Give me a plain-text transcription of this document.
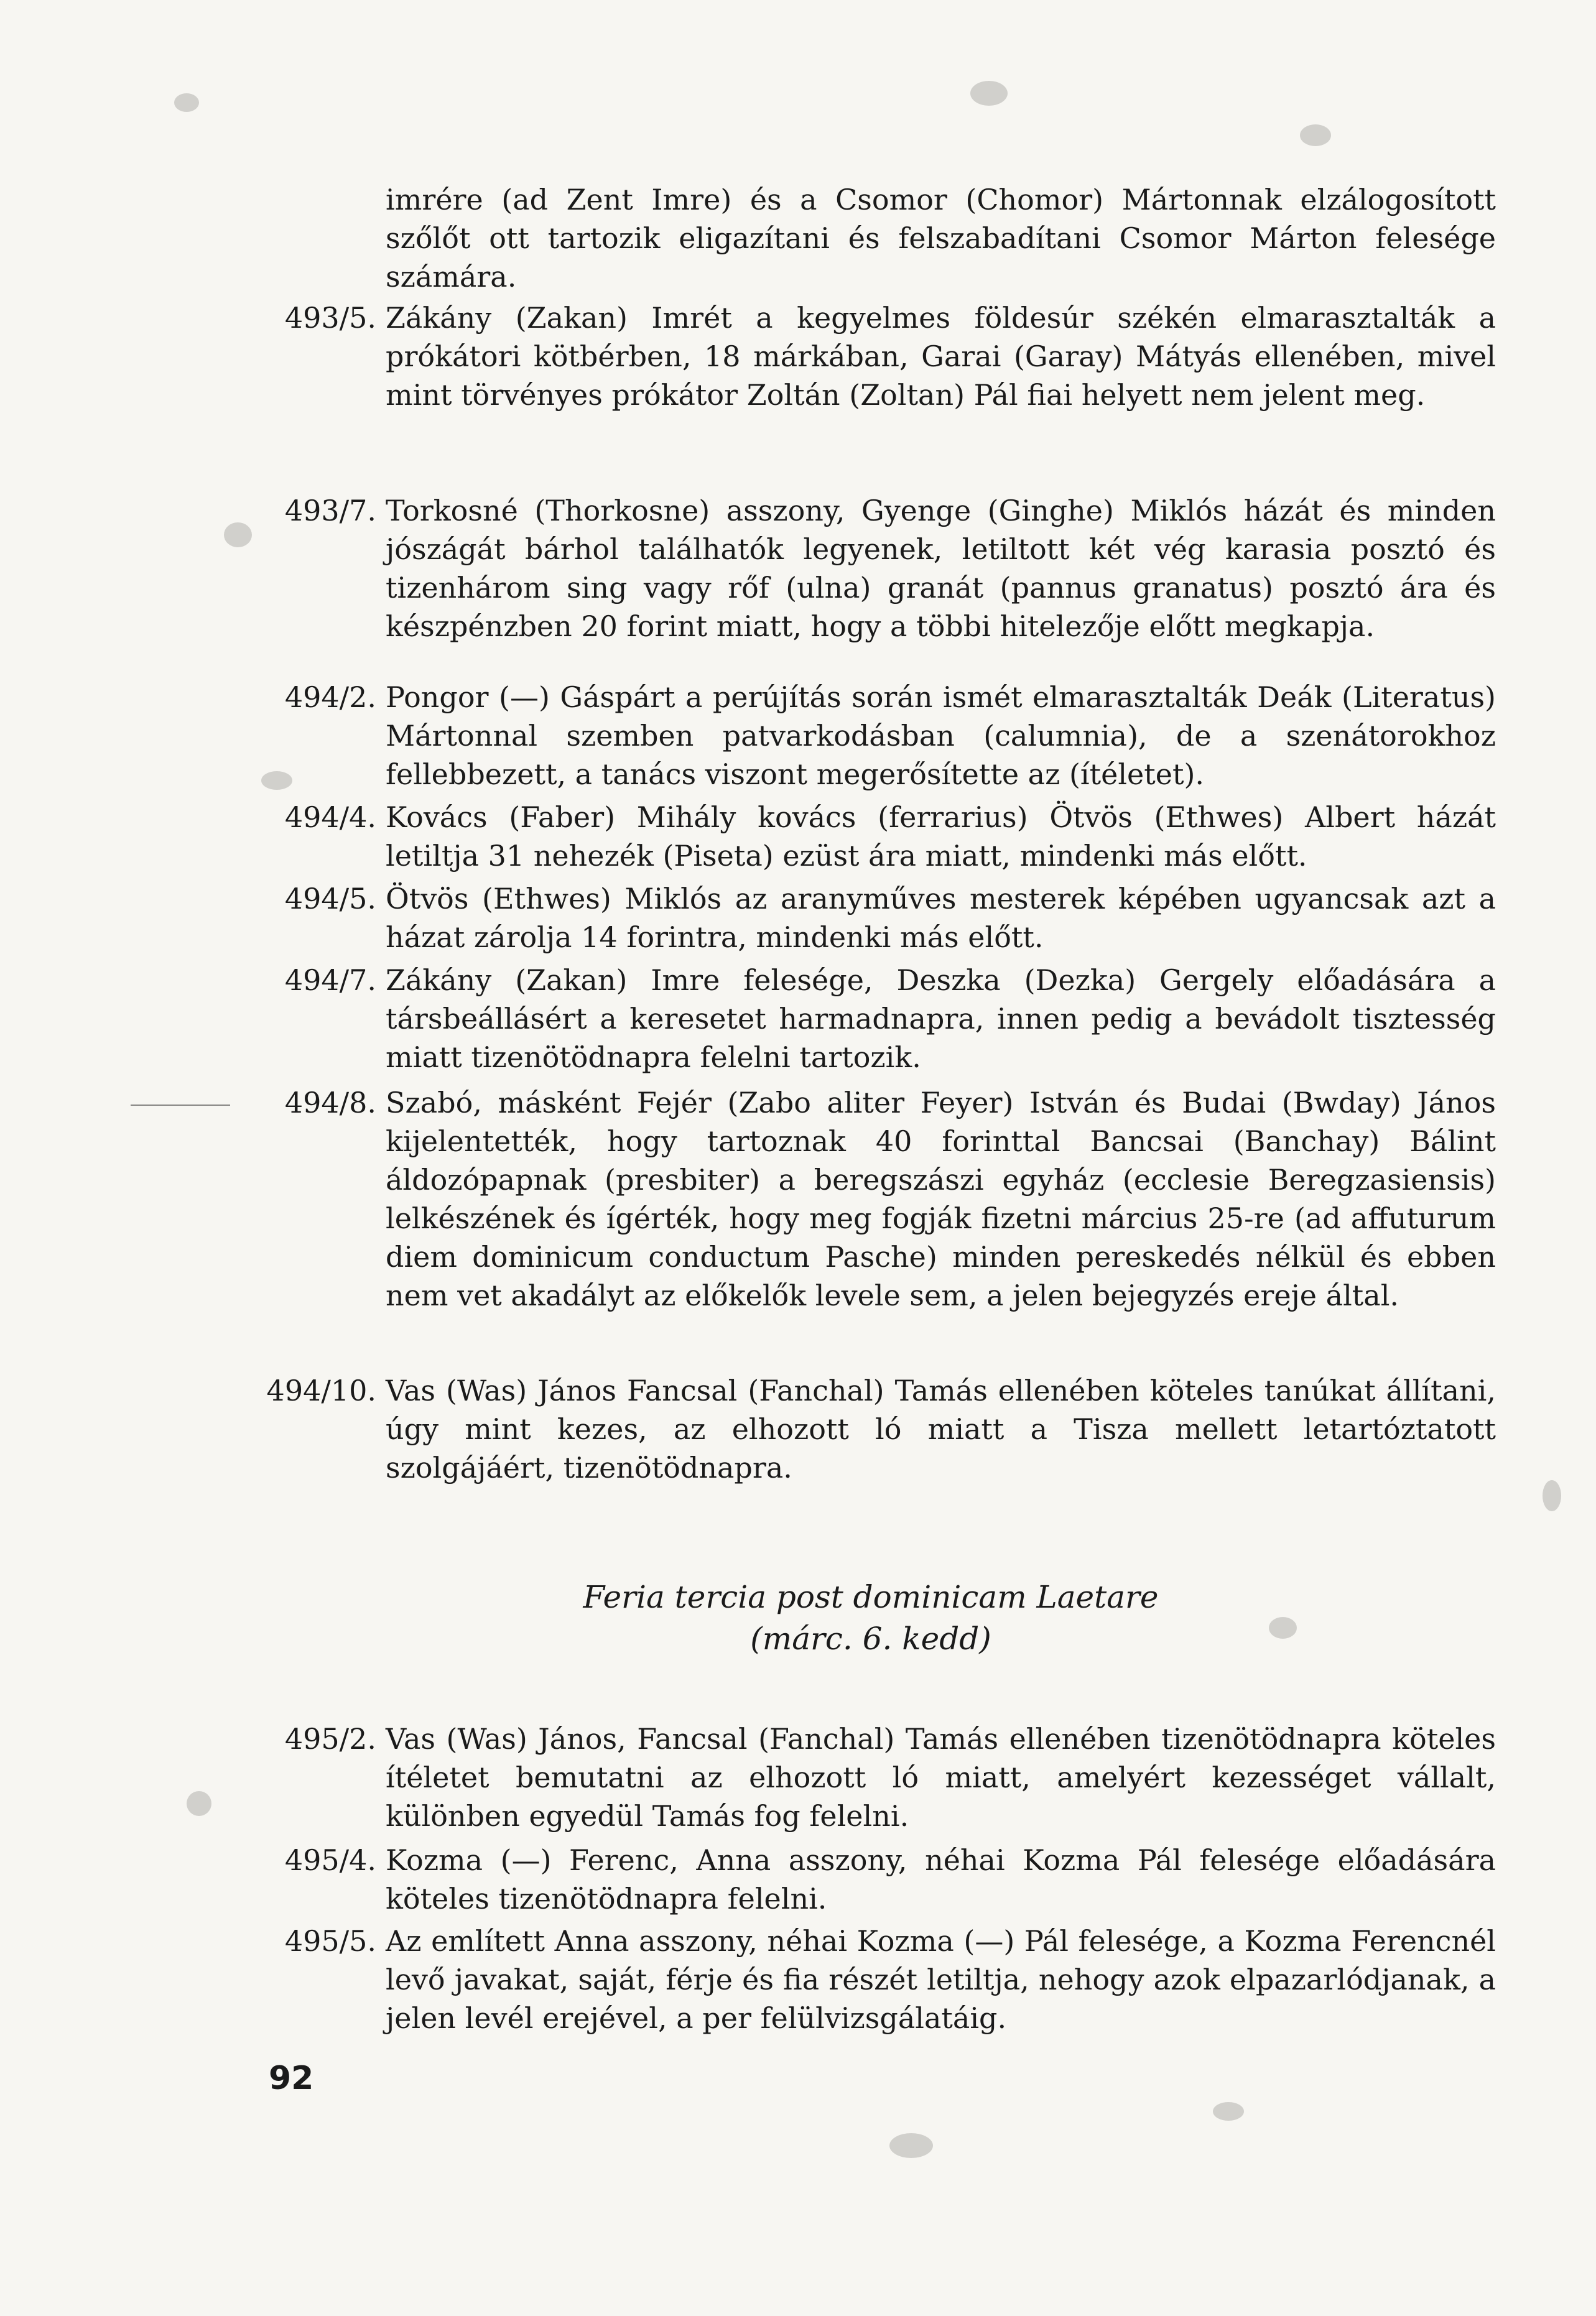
imrére (ad Zent Imre) és a Csomor (Chomor) Mártonnak elzálogosított szőlőt ott tartozik eligazítani és felszabadítani Csomor Márton felesége számára.
493/5. Zákány (Zakan) Imrét a kegyelmes földesúr székén elmarasztalták a prókátori kötbérben, 18 márkában, Garai (Garay) Mátyás ellenében, mivel mint törvényes prókátor Zoltán (Zoltan) Pál fiai helyett nem jelent meg.
493/7. Torkosné (Thorkosne) asszony, Gyenge (Ginghe) Miklós házát és minden jószágát bárhol találhatók legyenek, letiltott két vég karasia posztó és tizenhárom sing vagy rőf (ulna) granát (pannus granatus) posztó ára és készpénzben 20 forint miatt, hogy a többi hitelezője előtt megkapja.
494/2. Pongor (—) Gáspárt a perújítás során ismét elmarasztalták Deák (Literatus) Mártonnal szemben patvarkodásban (calumnia), de a szenátorokhoz fellebbezett, a tanács viszont megerősítette az (ítéletet).
494/4. Kovács (Faber) Mihály kovács (ferrarius) Ötvös (Ethwes) Albert házát letiltja 31 nehezék (Piseta) ezüst ára miatt, mindenki más előtt.
494/5. Ötvös (Ethwes) Miklós az aranyműves mesterek képében ugyancsak azt a házat zárolja 14 forintra, mindenki más előtt.
494/7. Zákány (Zakan) Imre felesége, Deszka (Dezka) Gergely előadására a társbeállásért a keresetet harmadnapra, innen pedig a bevádolt tisztesség miatt tizenötödnapra felelni tartozik.
494/8. Szabó, másként Fejér (Zabo aliter Feyer) István és Budai (Bwday) János kijelentették, hogy tartoznak 40 forinttal Bancsai (Banchay) Bálint áldozópapnak (presbiter) a beregszászi egyház (ecclesie Beregzasiensis) lelkészének és ígérték, hogy meg fogják fizetni március 25-re (ad affuturum diem dominicum conductum Pasche) minden pereskedés nélkül és ebben nem vet akadályt az előkelők levele sem, a jelen bejegyzés ereje által.
494/10. Vas (Was) János Fancsal (Fanchal) Tamás ellenében köteles tanúkat állítani, úgy mint kezes, az elhozott ló miatt a Tisza mellett letartóztatott szolgájáért, tizenötödnapra.
Feria tercia post dominicam Laetare
(márc. 6. kedd)
495/2. Vas (Was) János, Fancsal (Fanchal) Tamás ellenében tizenötödnapra köteles ítéletet bemutatni az elhozott ló miatt, amelyért kezességet vállalt, különben egyedül Tamás fog felelni.
495/4. Kozma (—) Ferenc, Anna asszony, néhai Kozma Pál felesége előadására köteles tizenötödnapra felelni.
495/5. Az említett Anna asszony, néhai Kozma (—) Pál felesége, a Kozma Ferencnél levő javakat, saját, férje és fia részét letiltja, nehogy azok elpazarlódjanak, a jelen levél erejével, a per felülvizsgálatáig.
92
